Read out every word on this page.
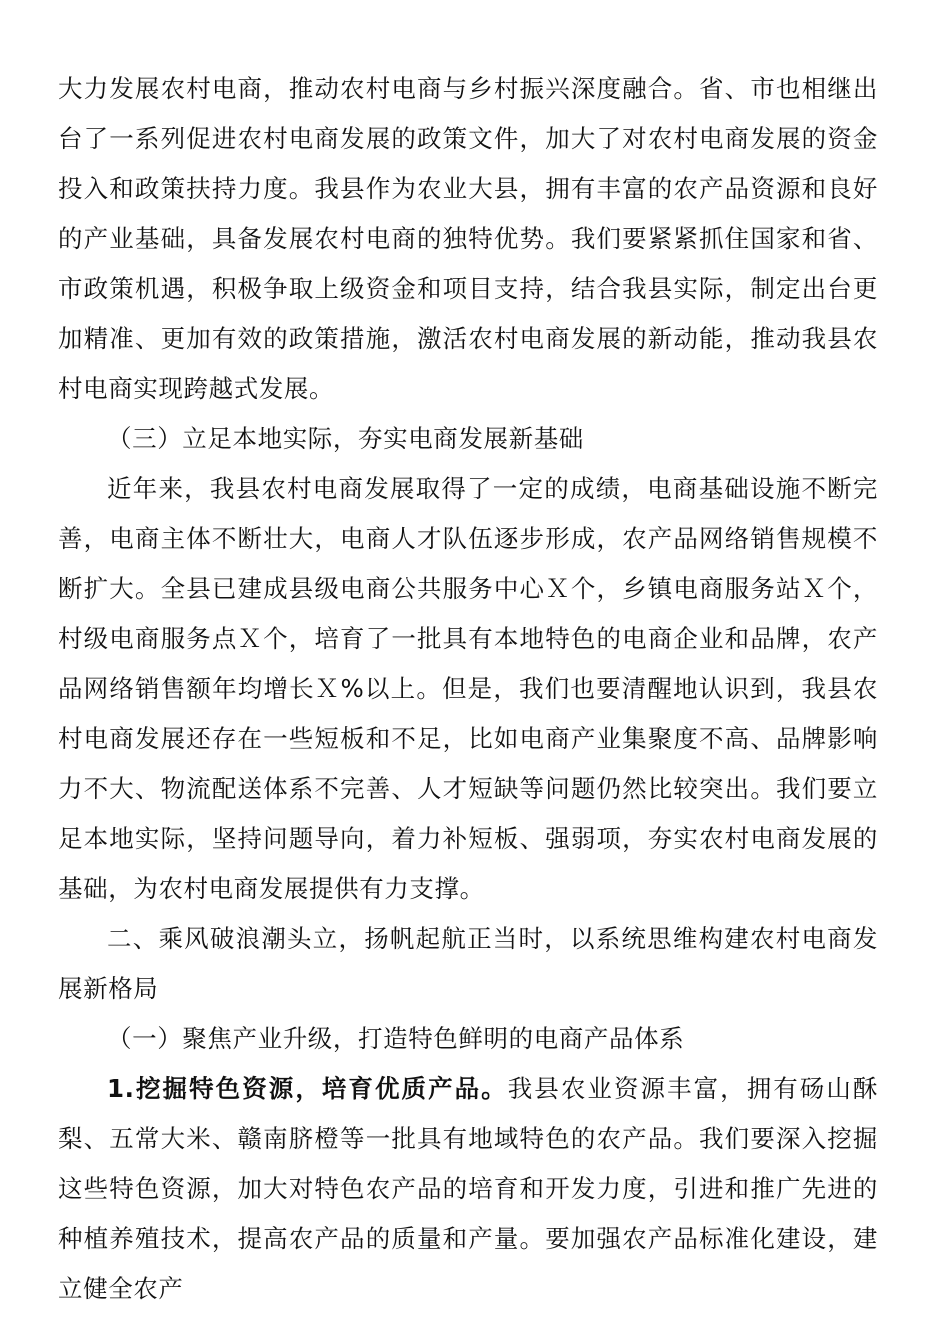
大力发展农村电商，推动农村电商与乡村振兴深度融合。省、市也相继出台了一系列促进农村电商发展的政策文件，加大了对农村电商发展的资金投入和政策扶持力度。我县作为农业大县，拥有丰富的农产品资源和良好的产业基础，具备发展农村电商的独特优势。我们要紧紧抓住国家和省、市政策机遇，积极争取上级资金和项目支持，结合我县实际，制定出台更加精准、更加有效的政策措施，激活农村电商发展的新动能，推动我县农村电商实现跨越式发展。

（三）立足本地实际，夯实电商发展新基础

近年来，我县农村电商发展取得了一定的成绩，电商基础设施不断完善，电商主体不断壮大，电商人才队伍逐步形成，农产品网络销售规模不断扩大。全县已建成县级电商公共服务中心Ｘ个，乡镇电商服务站Ｘ个，村级电商服务点Ｘ个，培育了一批具有本地特色的电商企业和品牌，农产品网络销售额年均增长Ｘ%以上。但是，我们也要清醒地认识到，我县农村电商发展还存在一些短板和不足，比如电商产业集聚度不高、品牌影响力不大、物流配送体系不完善、人才短缺等问题仍然比较突出。我们要立足本地实际，坚持问题导向，着力补短板、强弱项，夯实农村电商发展的基础，为农村电商发展提供有力支撑。

二、乘风破浪潮头立，扬帆起航正当时，以系统思维构建农村电商发展新格局

（一）聚焦产业升级，打造特色鲜明的电商产品体系

1.挖掘特色资源，培育优质产品。我县农业资源丰富，拥有砀山酥梨、五常大米、赣南脐橙等一批具有地域特色的农产品。我们要深入挖掘这些特色资源，加大对特色农产品的培育和开发力度，引进和推广先进的种植养殖技术，提高农产品的质量和产量。要加强农产品标准化建设，建立健全农产
